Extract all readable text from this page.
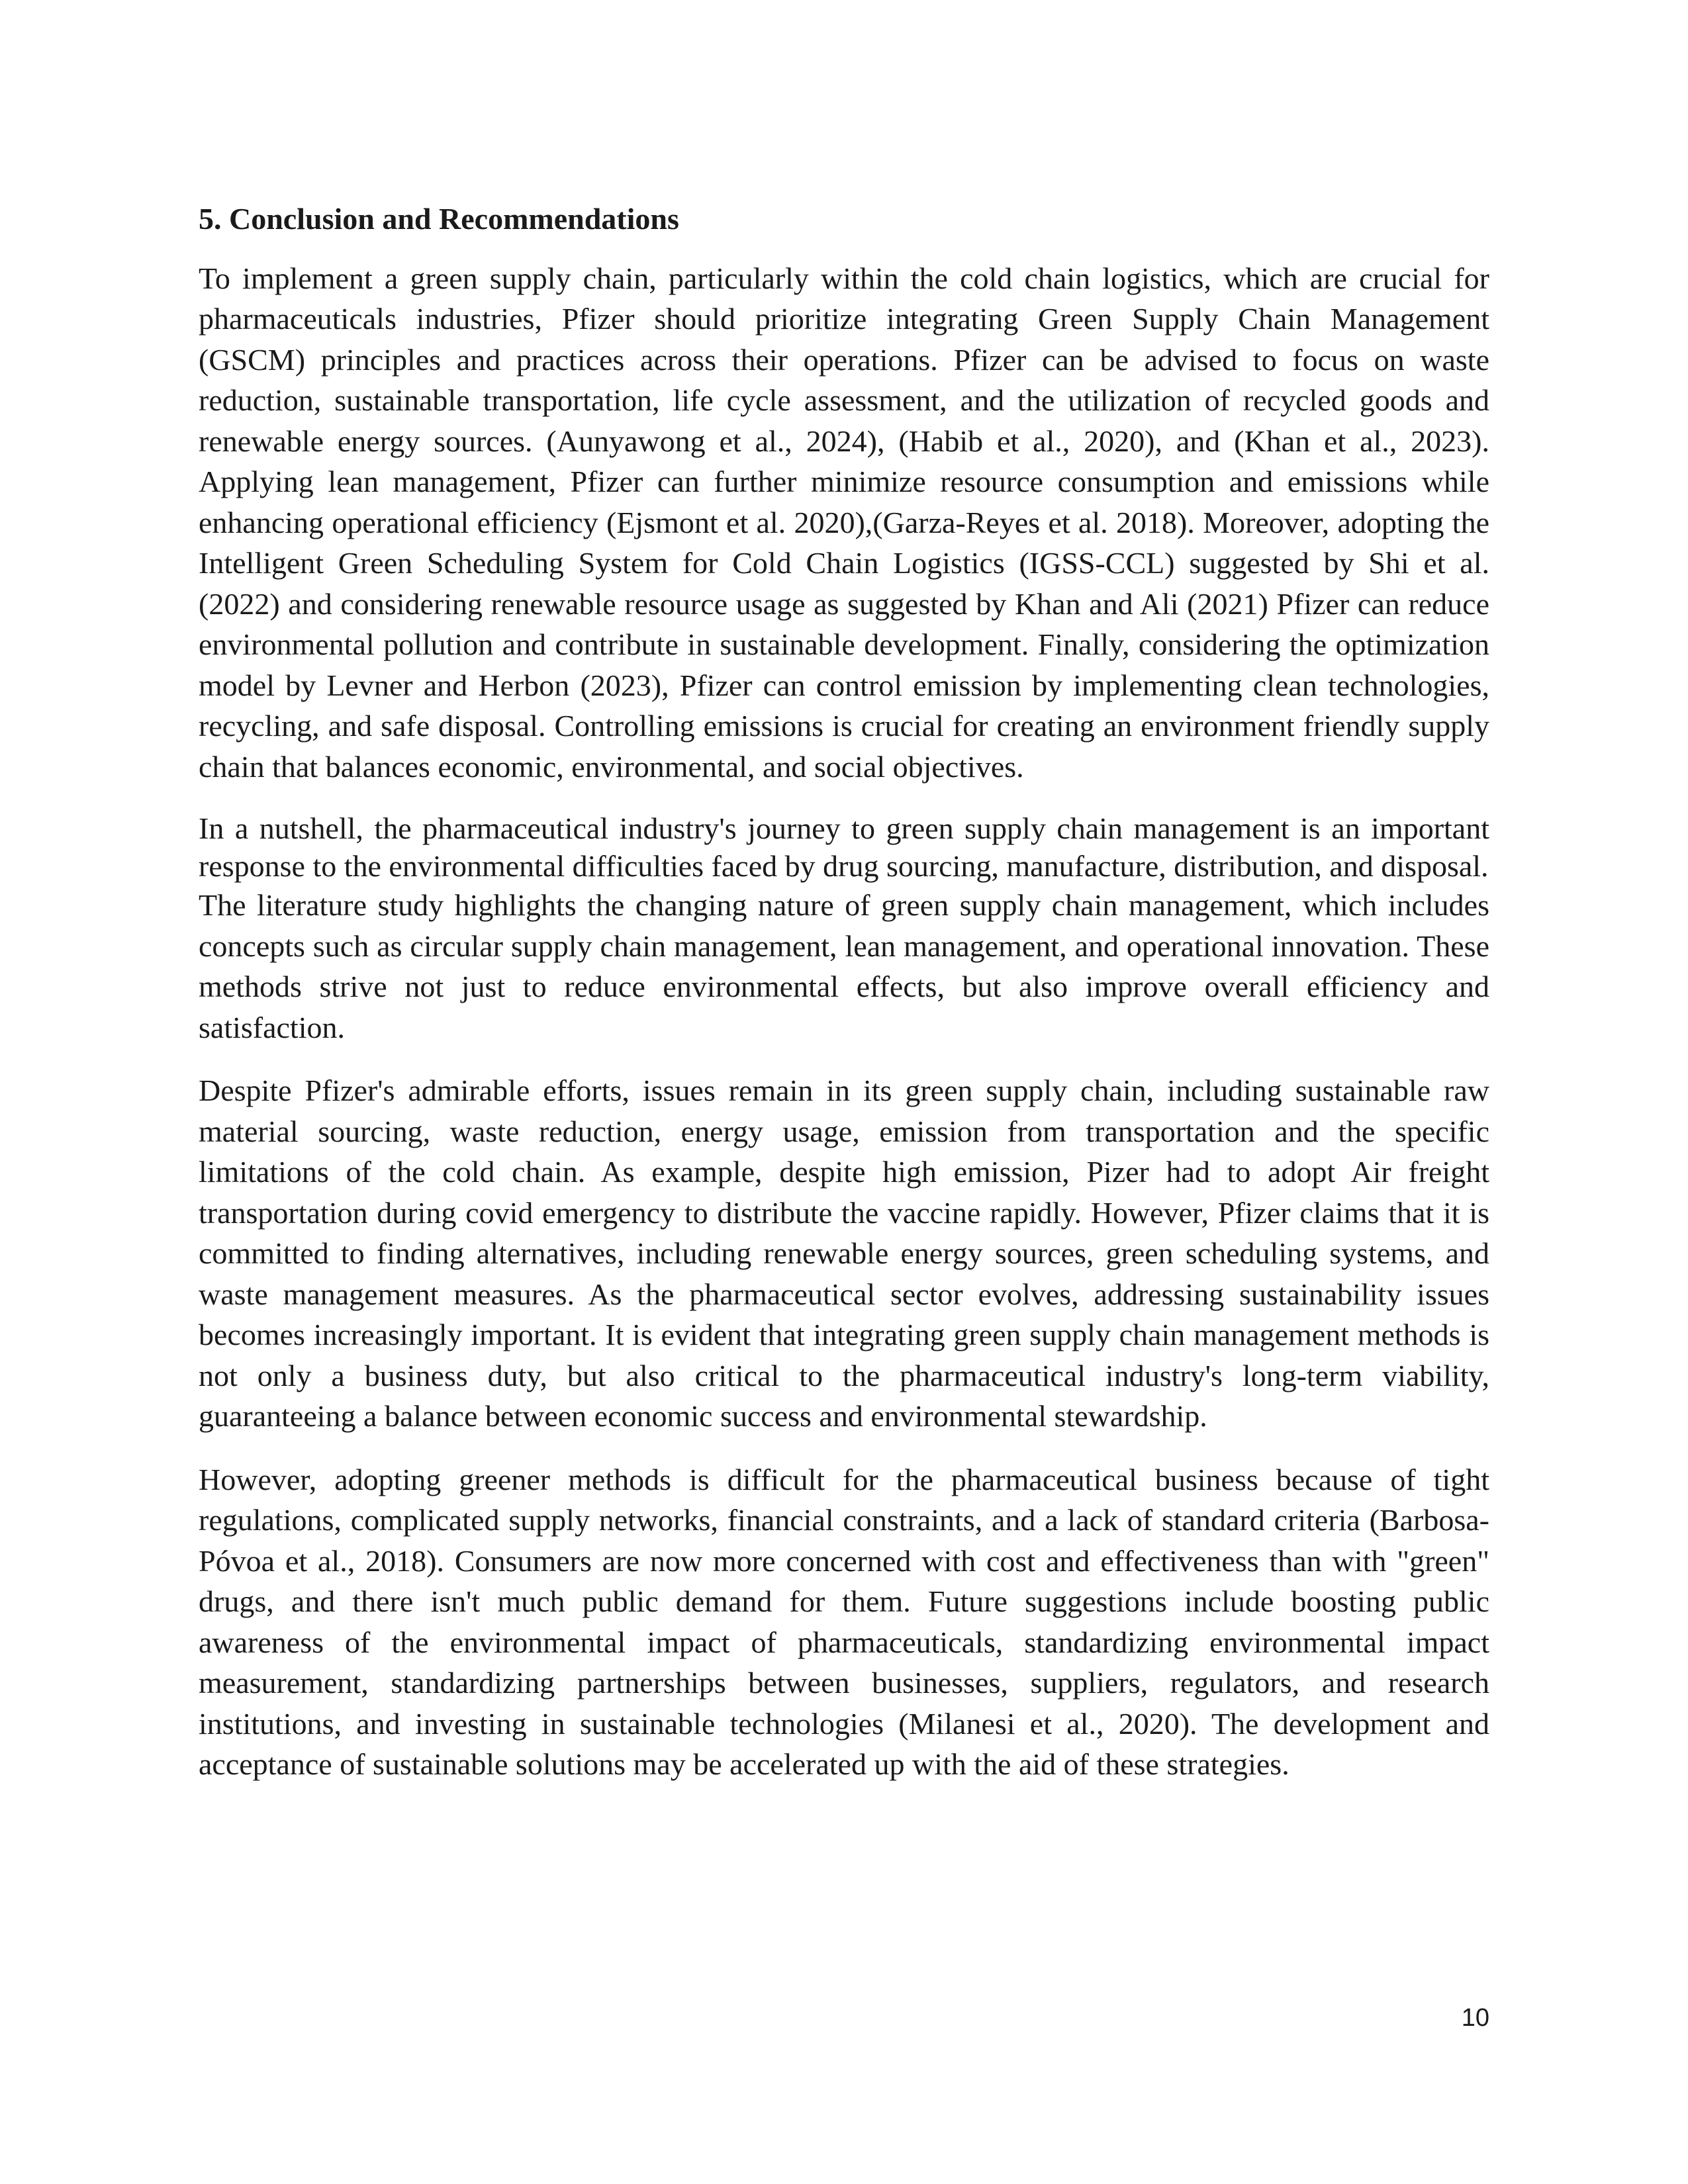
5. Conclusion and Recommendations

To implement a green supply chain, particularly within the cold chain logistics, which are crucial for pharmaceuticals industries, Pfizer should prioritize integrating Green Supply Chain Management (GSCM) principles and practices across their operations. Pfizer can be advised to focus on waste reduction, sustainable transportation, life cycle assessment, and the utilization of recycled goods and renewable energy sources. (Aunyawong et al., 2024), (Habib et al., 2020), and (Khan et al., 2023). Applying lean management, Pfizer can further minimize resource consumption and emissions while enhancing operational efficiency (Ejsmont et al. 2020),(Garza-Reyes et al. 2018). Moreover, adopting the Intelligent Green Scheduling System for Cold Chain Logistics (IGSS-CCL) suggested by Shi et al. (2022) and considering renewable resource usage as suggested by Khan and Ali (2021) Pfizer can reduce environmental pollution and contribute in sustainable development. Finally, considering the optimization model by Levner and Herbon (2023), Pfizer can control emission by implementing clean technologies, recycling, and safe disposal. Controlling emissions is crucial for creating an environment friendly supply chain that balances economic, environmental, and social objectives.

In a nutshell, the pharmaceutical industry's journey to green supply chain management is an important response to the environmental difficulties faced by drug sourcing, manufacture, distribution, and disposal.

The literature study highlights the changing nature of green supply chain management, which includes concepts such as circular supply chain management, lean management, and operational innovation. These methods strive not just to reduce environmental effects, but also improve overall efficiency and satisfaction.

Despite Pfizer's admirable efforts, issues remain in its green supply chain, including sustainable raw material sourcing, waste reduction, energy usage, emission from transportation and the specific limitations of the cold chain. As example, despite high emission, Pizer had to adopt Air freight transportation during covid emergency to distribute the vaccine rapidly. However, Pfizer claims that it is committed to finding alternatives, including renewable energy sources, green scheduling systems, and waste management measures. As the pharmaceutical sector evolves, addressing sustainability issues becomes increasingly important. It is evident that integrating green supply chain management methods is not only a business duty, but also critical to the pharmaceutical industry's long-term viability, guaranteeing a balance between economic success and environmental stewardship.

However, adopting greener methods is difficult for the pharmaceutical business because of tight regulations, complicated supply networks, financial constraints, and a lack of standard criteria (Barbosa-Póvoa et al., 2018). Consumers are now more concerned with cost and effectiveness than with "green" drugs, and there isn't much public demand for them. Future suggestions include boosting public awareness of the environmental impact of pharmaceuticals, standardizing environmental impact measurement, standardizing partnerships between businesses, suppliers, regulators, and research institutions, and investing in sustainable technologies (Milanesi et al., 2020). The development and acceptance of sustainable solutions may be accelerated up with the aid of these strategies.

10
